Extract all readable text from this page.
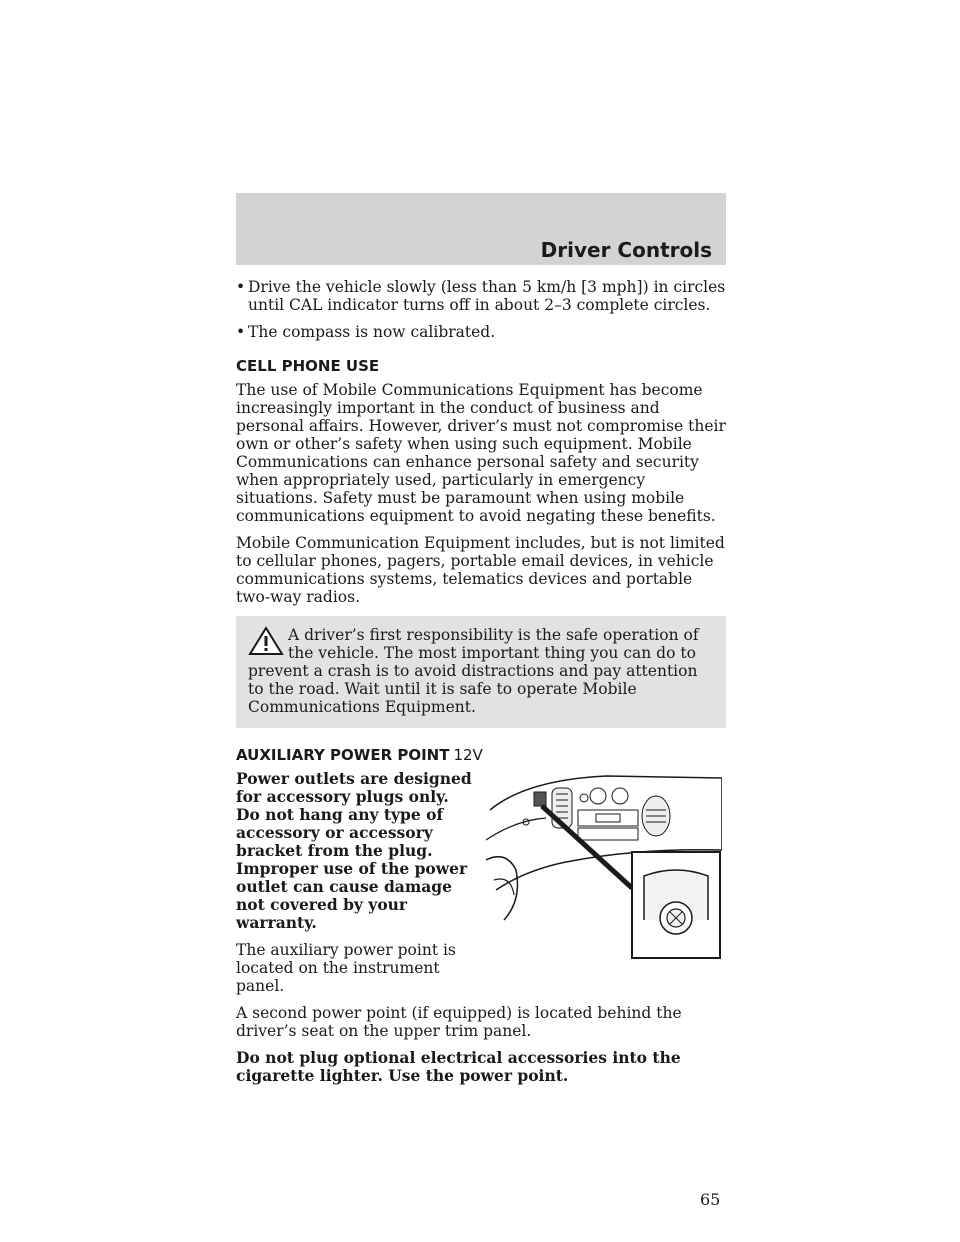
Driver Controls
• Drive the vehicle slowly (less than 5 km/h [3 mph]) in circles until CAL indicator turns off in about 2–3 complete circles.
• The compass is now calibrated.
CELL PHONE USE

The use of Mobile Communications Equipment has become increasingly important in the conduct of business and personal affairs. However, driver’s must not compromise their own or other’s safety when using such equipment. Mobile Communications can enhance personal safety and security when appropriately used, particularly in emergency situations. Safety must be paramount when using mobile communications equipment to avoid negating these benefits.

Mobile Communication Equipment includes, but is not limited to cellular phones, pagers, portable email devices, in vehicle communications systems, telematics devices and portable two-way radios.

A driver’s first responsibility is the safe operation of the vehicle. The most important thing you can do to prevent a crash is to avoid distractions and pay attention to the road. Wait until it is safe to operate Mobile Communications Equipment.
AUXILIARY POWER POINT 12V

Power outlets are designed for accessory plugs only. Do not hang any type of accessory or accessory bracket from the plug. Improper use of the power outlet can cause damage not covered by your warranty.

The auxiliary power point is located on the instrument panel.

A second power point (if equipped) is located behind the driver’s seat on the upper trim panel.

Do not plug optional electrical accessories into the cigarette lighter. Use the power point.

65
